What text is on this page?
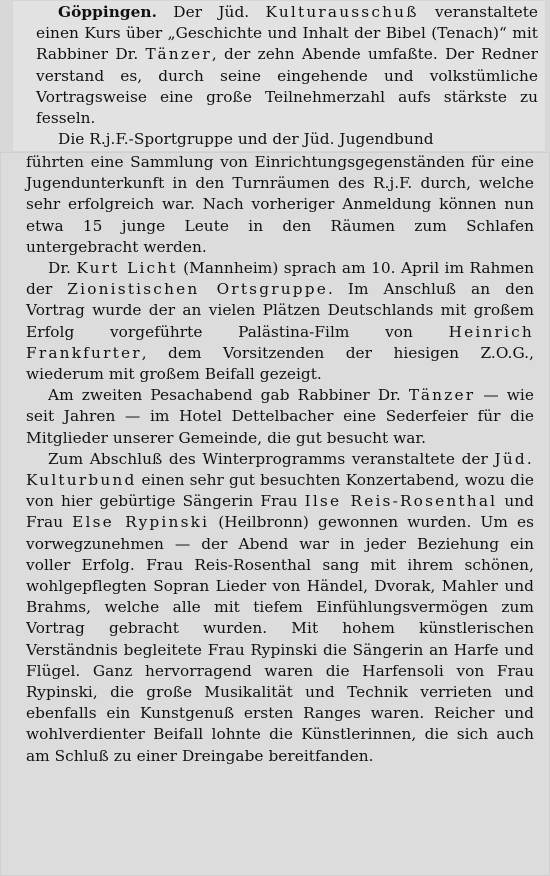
Göppingen. Der Jüd. Kulturausschuß veranstaltete einen Kurs über „Geschichte und Inhalt der Bibel (Tenach)“ mit Rabbiner Dr. Tänzer, der zehn Abende umfaßte. Der Redner verstand es, durch seine eingehende und volkstümliche Vortragsweise eine große Teilnehmerzahl aufs stärkste zu fesseln.

Die R.j.F.-Sportgruppe und der Jüd. Jugendbund

führten eine Sammlung von Einrichtungsgegenständen für eine Jugendunterkunft in den Turnräumen des R.j.F. durch, welche sehr erfolgreich war. Nach vorheriger Anmeldung können nun etwa 15 junge Leute in den Räumen zum Schlafen untergebracht werden.

Dr. Kurt Licht (Mannheim) sprach am 10. April im Rahmen der Zionistischen Ortsgruppe. Im Anschluß an den Vortrag wurde der an vielen Plätzen Deutschlands mit großem Erfolg vorgeführte Palästina-Film von Heinrich Frankfurter, dem Vorsitzenden der hiesigen Z.O.G., wiederum mit großem Beifall gezeigt.

Am zweiten Pesachabend gab Rabbiner Dr. Tänzer — wie seit Jahren — im Hotel Dettelbacher eine Sederfeier für die Mitglieder unserer Gemeinde, die gut besucht war.

Zum Abschluß des Winterprogramms veranstaltete der Jüd. Kulturbund einen sehr gut besuchten Konzertabend, wozu die von hier gebürtige Sängerin Frau Ilse Reis-Rosenthal und Frau Else Rypinski (Heilbronn) gewonnen wurden. Um es vorwegzunehmen — der Abend war in jeder Beziehung ein voller Erfolg. Frau Reis-Rosenthal sang mit ihrem schönen, wohlgepflegten Sopran Lieder von Händel, Dvorak, Mahler und Brahms, welche alle mit tiefem Einfühlungsvermögen zum Vortrag gebracht wurden. Mit hohem künstlerischen Verständnis begleitete Frau Rypinski die Sängerin an Harfe und Flügel. Ganz hervorragend waren die Harfensoli von Frau Rypinski, die große Musikalität und Technik verrieten und ebenfalls ein Kunstgenuß ersten Ranges waren. Reicher und wohlverdienter Beifall lohnte die Künstlerinnen, die sich auch am Schluß zu einer Dreingabe bereitfanden.
